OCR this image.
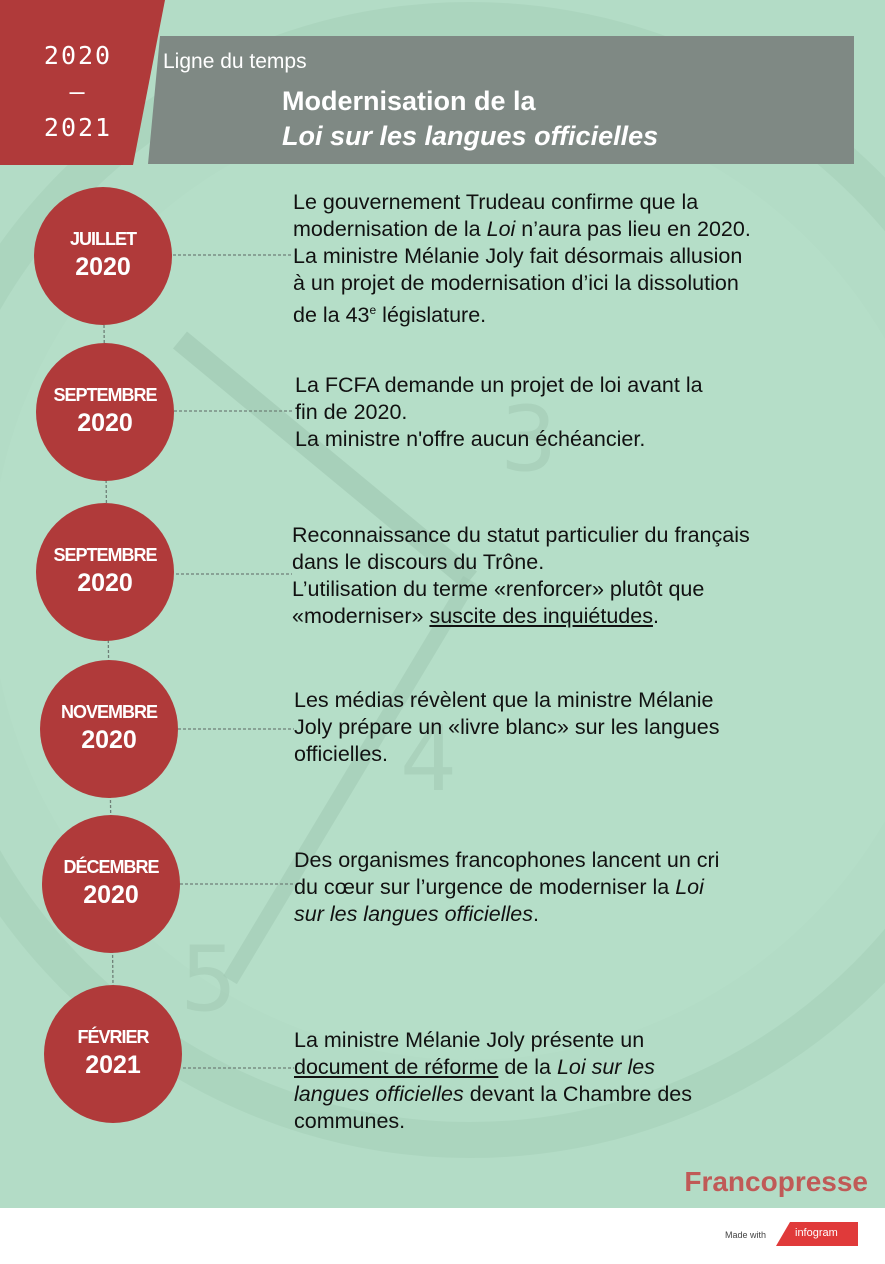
3
4
5
2020
–
2021
Ligne du temps
Modernisation de la
Loi sur les langues officielles
JUILLET
2020
Le gouvernement Trudeau confirme que la
modernisation de la Loi n’aura pas lieu en 2020.
La ministre Mélanie Joly fait désormais allusion
à un projet de modernisation d’ici la dissolution
de la 43e législature.
SEPTEMBRE
2020
La FCFA demande un projet de loi avant la
fin de 2020.
La ministre n'offre aucun échéancier.
SEPTEMBRE
2020
Reconnaissance du statut particulier du français
dans le discours du Trône.
L’utilisation du terme «renforcer» plutôt que
«moderniser» suscite des inquiétudes.
NOVEMBRE
2020
Les médias révèlent que la ministre Mélanie
Joly prépare un «livre blanc» sur les langues
officielles.
DÉCEMBRE
2020
Des organismes francophones lancent un cri
du cœur sur l’urgence de moderniser la Loi
sur les langues officielles.
FÉVRIER
2021
La ministre Mélanie Joly présente un
document de réforme de la Loi sur les
langues officielles devant la Chambre des
communes.
Francopresse
Made with	infogram
